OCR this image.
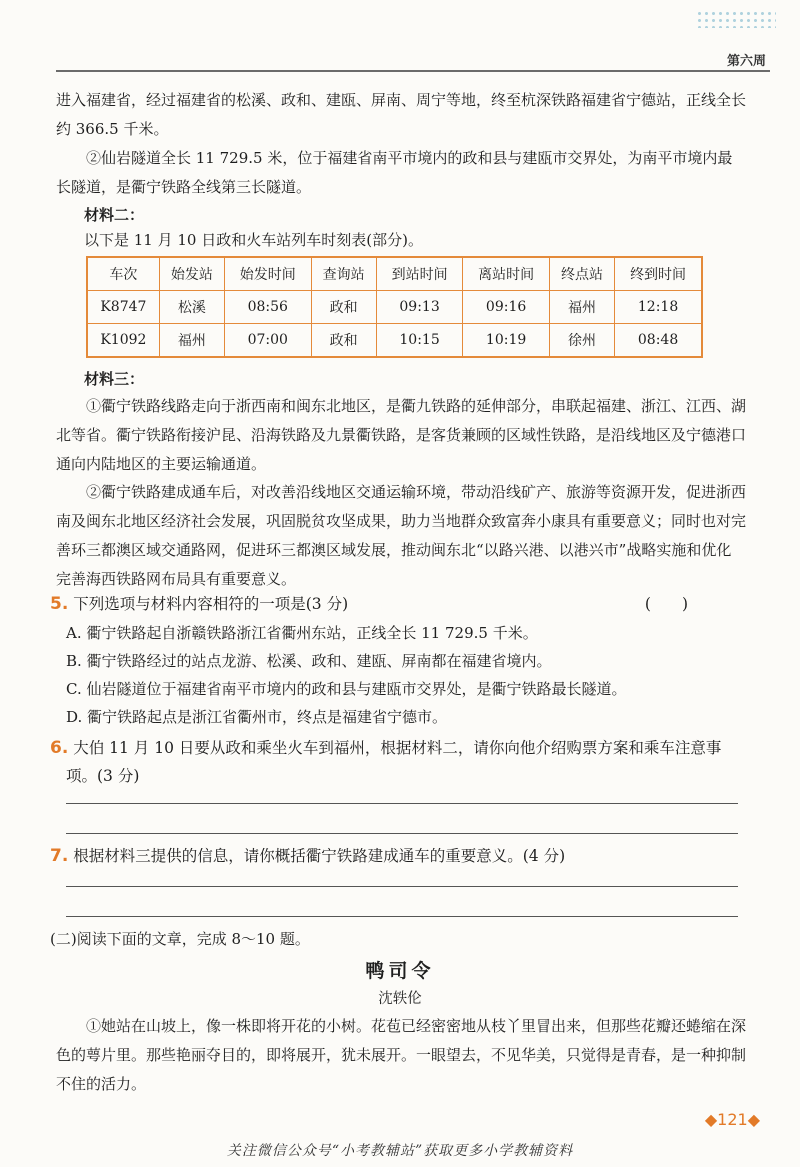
第六周

进入福建省，经过福建省的松溪、政和、建瓯、屏南、周宁等地，终至杭深铁路福建省宁德站，正线全长约 366.5 千米。

②仙岩隧道全长 11 729.5 米，位于福建省南平市境内的政和县与建瓯市交界处，为南平市境内最长隧道，是衢宁铁路全线第三长隧道。

材料二：
以下是 11 月 10 日政和火车站列车时刻表(部分)。
车次	始发站	始发时间	查询站	到站时间	离站时间	终点站	终到时间
K8747	松溪	08:56	政和	09:13	09:16	福州	12:18
K1092	福州	07:00	政和	10:15	10:19	徐州	08:48
材料三：

①衢宁铁路线路走向于浙西南和闽东北地区，是衢九铁路的延伸部分，串联起福建、浙江、江西、湖北等省。衢宁铁路衔接沪昆、沿海铁路及九景衢铁路，是客货兼顾的区域性铁路，是沿线地区及宁德港口通向内陆地区的主要运输通道。

②衢宁铁路建成通车后，对改善沿线地区交通运输环境，带动沿线矿产、旅游等资源开发，促进浙西南及闽东北地区经济社会发展，巩固脱贫攻坚成果，助力当地群众致富奔小康具有重要意义；同时也对完善环三都澳区域交通路网，促进环三都澳区域发展，推动闽东北“以路兴港、以港兴市”战略实施和优化完善海西铁路网布局具有重要意义。

5. 下列选项与材料内容相符的一项是(3 分)	(　　)
A. 衢宁铁路起自浙赣铁路浙江省衢州东站，正线全长 11 729.5 千米。
B. 衢宁铁路经过的站点龙游、松溪、政和、建瓯、屏南都在福建省境内。
C. 仙岩隧道位于福建省南平市境内的政和县与建瓯市交界处，是衢宁铁路最长隧道。
D. 衢宁铁路起点是浙江省衢州市，终点是福建省宁德市。
6. 大伯 11 月 10 日要从政和乘坐火车到福州，根据材料二，请你向他介绍购票方案和乘车注意事
项。(3 分)
7. 根据材料三提供的信息，请你概括衢宁铁路建成通车的重要意义。(4 分)
(二)阅读下面的文章，完成 8～10 题。
鸭司令
沈轶伦

①她站在山坡上，像一株即将开花的小树。花苞已经密密地从枝丫里冒出来，但那些花瓣还蜷缩在深色的萼片里。那些艳丽夺目的，即将展开，犹未展开。一眼望去，不见华美，只觉得是青春，是一种抑制不住的活力。

◆121◆
关注微信公众号“小考教辅站”获取更多小学教辅资料
